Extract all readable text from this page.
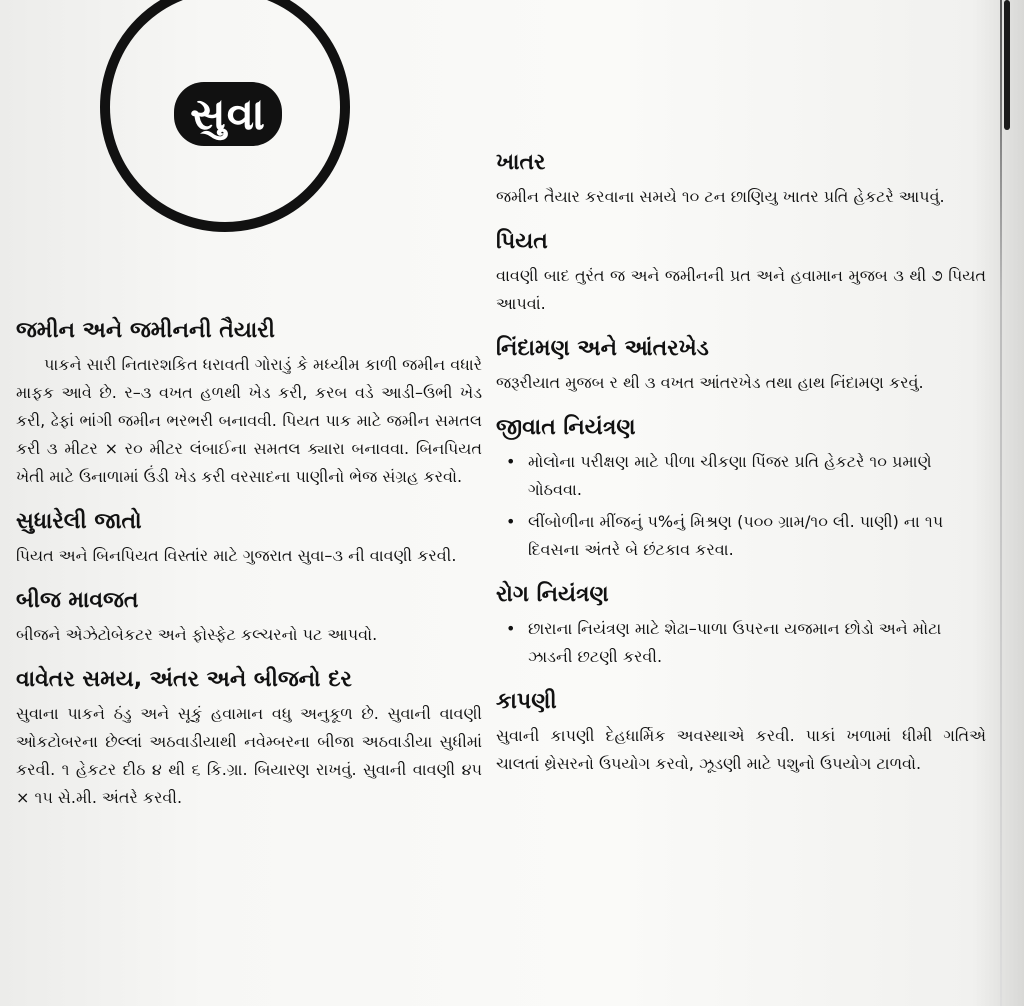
સુવા
જમીન અને જમીનની તૈયારી

પાકને સારી નિતારશકિત ધરાવતી ગોરાડું કે મધ્યીમ કાળી જમીન વધારે માફક આવે છે. ર–૩ વખત હળથી ખેડ કરી, કરબ વડે આડી–ઉભી ખેડ કરી, ઢેફાં ભાંગી જમીન ભરભરી બનાવવી. પિયત પાક માટે જમીન સમતલ કરી ૩ મીટર × ર૦ મીટર લંબાઈના સમતલ ક્યારા બનાવવા. બિનપિયત ખેતી માટે ઉનાળામાં ઉંડી ખેડ કરી વરસાદના પાણીનો ભેજ સંગ્રહ કરવો.

સુધારેલી જાતો

પિયત અને બિનપિયત વિસ્તાંર માટે ગુજરાત સુવા–૩ ની વાવણી કરવી.

બીજ માવજત

બીજને એઝેટોબેકટર અને ફોસ્ફેટ કલ્ચરનો પટ આપવો.

વાવેતર સમય, અંતર અને બીજનો દર

સુવાના પાકને ઠંડુ અને સૂકું હવામાન વધુ અનુકૂળ છે. સુવાની વાવણી ઓકટોબરના છેલ્લાં અઠવાડીયાથી નવેમ્બરના બીજા અઠવાડીયા સુધીમાં કરવી. ૧ હેકટર દીઠ ૪ થી ૬ કિ.ગ્રા. બિયારણ રાખવું. સુવાની વાવણી ૪૫ × ૧૫ સે.મી. અંતરે કરવી.

ખાતર

જમીન તૈયાર કરવાના સમયે ૧૦ ટન છાણિયુ ખાતર પ્રતિ હેકટરે આપવું.

પિયત

વાવણી બાદ તુરંત જ અને જમીનની પ્રત અને હવામાન મુજબ ૩ થી ૭ પિયત આપવાં.

નિંદામણ અને આંતરખેડ

જરૂરીયાત મુજબ ર થી ૩ વખત આંતરખેડ તથા હાથ નિંદામણ કરવું.

જીવાત નિયંત્રણ
• મોલોના પરીક્ષણ માટે પીળા ચીકણા પિંજર પ્રતિ હેકટરે ૧૦ પ્રમાણે ગોઠવવા.
• લીંબોળીના મીંજનું પ%નું મિશ્રણ (પ૦૦ ગ્રામ/૧૦ લી. પાણી) ના ૧પ દિવસના અંતરે બે છંટકાવ કરવા.
રોગ નિયંત્રણ
• છારાના નિયંત્રણ માટે શેઢા–પાળા ઉપરના યજમાન છોડો અને મોટા ઝાડની છટણી કરવી.
કાપણી

સુવાની કાપણી દેહધાર્મિક અવસ્થાએ કરવી. પાકાં ખળામાં ધીમી ગતિએ ચાલતાં થ્રેસરનો ઉપયોગ કરવો, ઝૂડણી માટે પશુનો ઉપયોગ ટાળવો.
